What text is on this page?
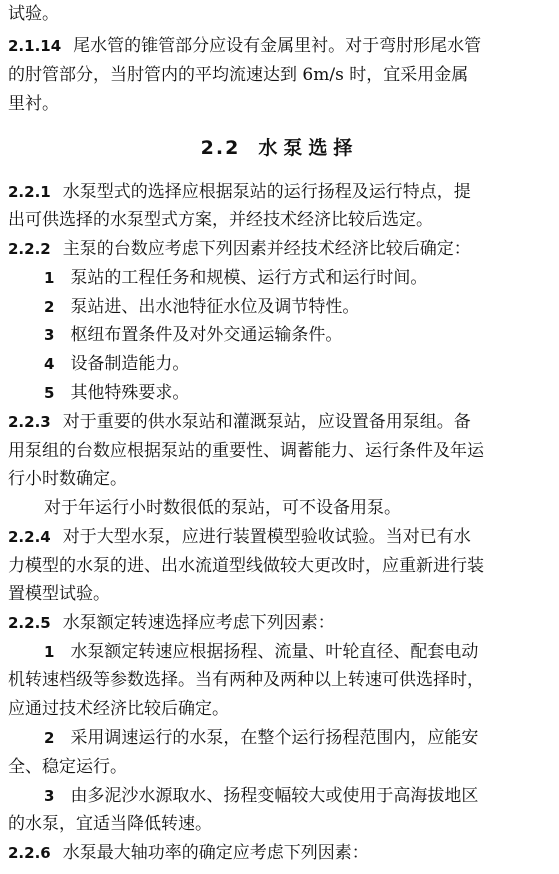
试验。
2.1.14 尾水管的锥管部分应设有金属里衬。对于弯肘形尾水管
的肘管部分，当肘管内的平均流速达到 6m/s 时，宜采用金属
里衬。
2.2 水泵选择
2.2.1 水泵型式的选择应根据泵站的运行扬程及运行特点，提
出可供选择的水泵型式方案，并经技术经济比较后选定。
2.2.2 主泵的台数应考虑下列因素并经技术经济比较后确定：
1 泵站的工程任务和规模、运行方式和运行时间。
2 泵站进、出水池特征水位及调节特性。
3 枢纽布置条件及对外交通运输条件。
4 设备制造能力。
5 其他特殊要求。
2.2.3 对于重要的供水泵站和灌溉泵站，应设置备用泵组。备
用泵组的台数应根据泵站的重要性、调蓄能力、运行条件及年运
行小时数确定。
对于年运行小时数很低的泵站，可不设备用泵。
2.2.4 对于大型水泵，应进行装置模型验收试验。当对已有水
力模型的水泵的进、出水流道型线做较大更改时，应重新进行装
置模型试验。
2.2.5 水泵额定转速选择应考虑下列因素：
1 水泵额定转速应根据扬程、流量、叶轮直径、配套电动
机转速档级等参数选择。当有两种及两种以上转速可供选择时，
应通过技术经济比较后确定。
2 采用调速运行的水泵，在整个运行扬程范围内，应能安
全、稳定运行。
3 由多泥沙水源取水、扬程变幅较大或使用于高海拔地区
的水泵，宜适当降低转速。
2.2.6 水泵最大轴功率的确定应考虑下列因素：
